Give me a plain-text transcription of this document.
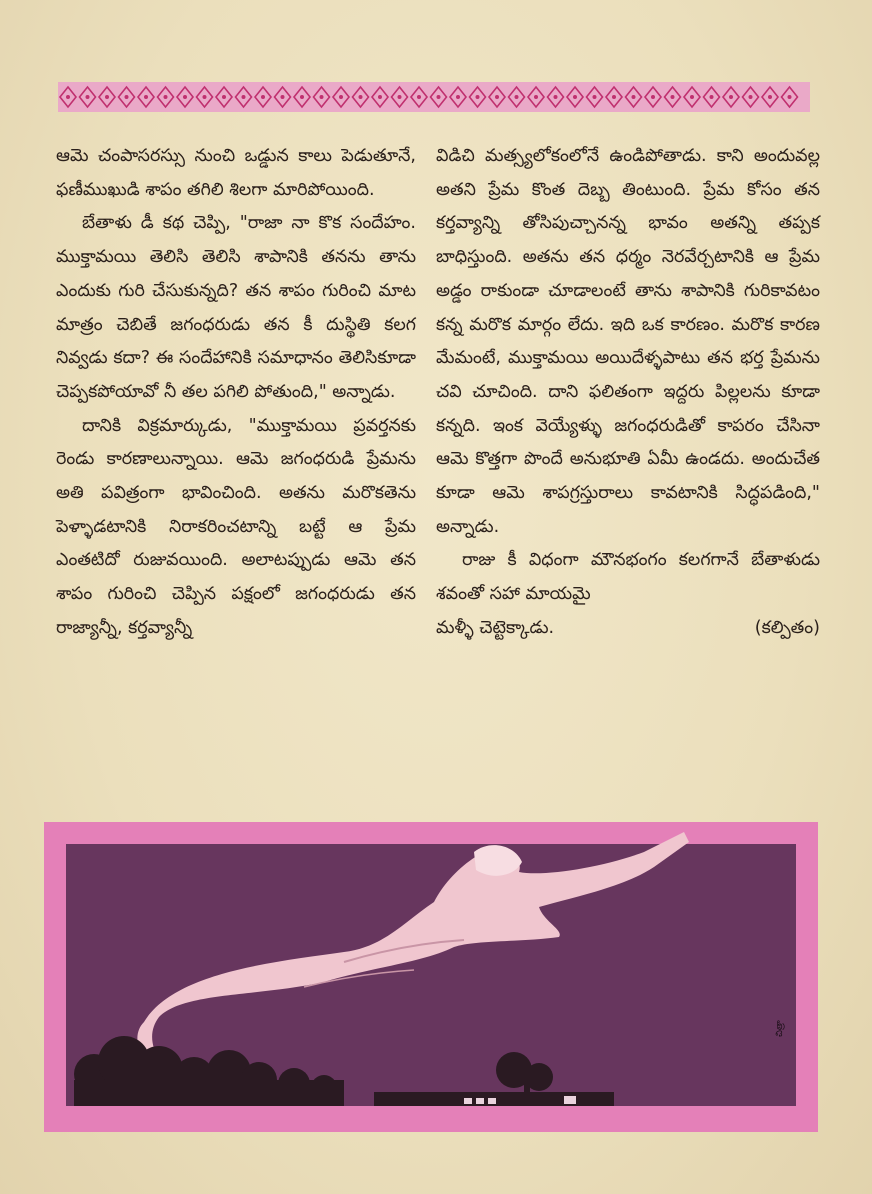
ఆమె చంపాసరస్సు నుంచి ఒడ్డున కాలు పెడుతూనే, ఫణీముఖుడి శాపం తగిలి శిలగా మారిపోయింది.

బేతాళు డీ కథ చెప్పి, "రాజా నా కొక సందేహం. ముక్తామయి తెలిసి తెలిసి శాపానికి తనను తాను ఎందుకు గురి చేసుకున్నది? తన శాపం గురించి మాట మాత్రం చెబితే జగంధరుడు తన కీ దుస్థితి కలగ నివ్వడు కదా? ఈ సందేహానికి సమాధానం తెలిసికూడా చెప్పకపోయావో నీ తల పగిలి పోతుంది," అన్నాడు.

దానికి విక్రమార్కుడు, "ముక్తామయి ప్రవర్తనకు రెండు కారణాలున్నాయి. ఆమె జగంధరుడి ప్రేమను అతి పవిత్రంగా భావించింది. అతను మరొకతెను పెళ్ళాడటానికి నిరాకరించటాన్ని బట్టే ఆ ప్రేమ ఎంతటిదో రుజువయింది. అలాటప్పుడు ఆమె తన శాపం గురించి చెప్పిన పక్షంలో జగంధరుడు తన రాజ్యాన్నీ, కర్తవ్యాన్నీ

విడిచి మత్స్యలోకంలోనే ఉండిపోతాడు. కాని అందువల్ల అతని ప్రేమ కొంత దెబ్బ తింటుంది. ప్రేమ కోసం తన కర్తవ్యాన్ని తోసిపుచ్చానన్న భావం అతన్ని తప్పక బాధిస్తుంది. అతను తన ధర్మం నెరవేర్చటానికి ఆ ప్రేమ అడ్డం రాకుండా చూడాలంటే తాను శాపానికి గురికావటం కన్న మరొక మార్గం లేదు. ఇది ఒక కారణం. మరొక కారణ మేమంటే, ముక్తామయి అయిదేళ్ళపాటు తన భర్త ప్రేమను చవి చూచింది. దాని ఫలితంగా ఇద్దరు పిల్లలను కూడా కన్నది. ఇంక వెయ్యేళ్ళు జగంధరుడితో కాపరం చేసినా ఆమె కొత్తగా పొందే అనుభూతి ఏమీ ఉండదు. అందుచేత కూడా ఆమె శాపగ్రస్తురాలు కావటానికి సిద్ధపడింది," అన్నాడు.

రాజు కీ విధంగా మౌనభంగం కలగగానే బేతాళుడు శవంతో సహా మాయమై

మళ్ళీ చెట్టెక్కాడు.	(కల్పితం)
చిత్రా
